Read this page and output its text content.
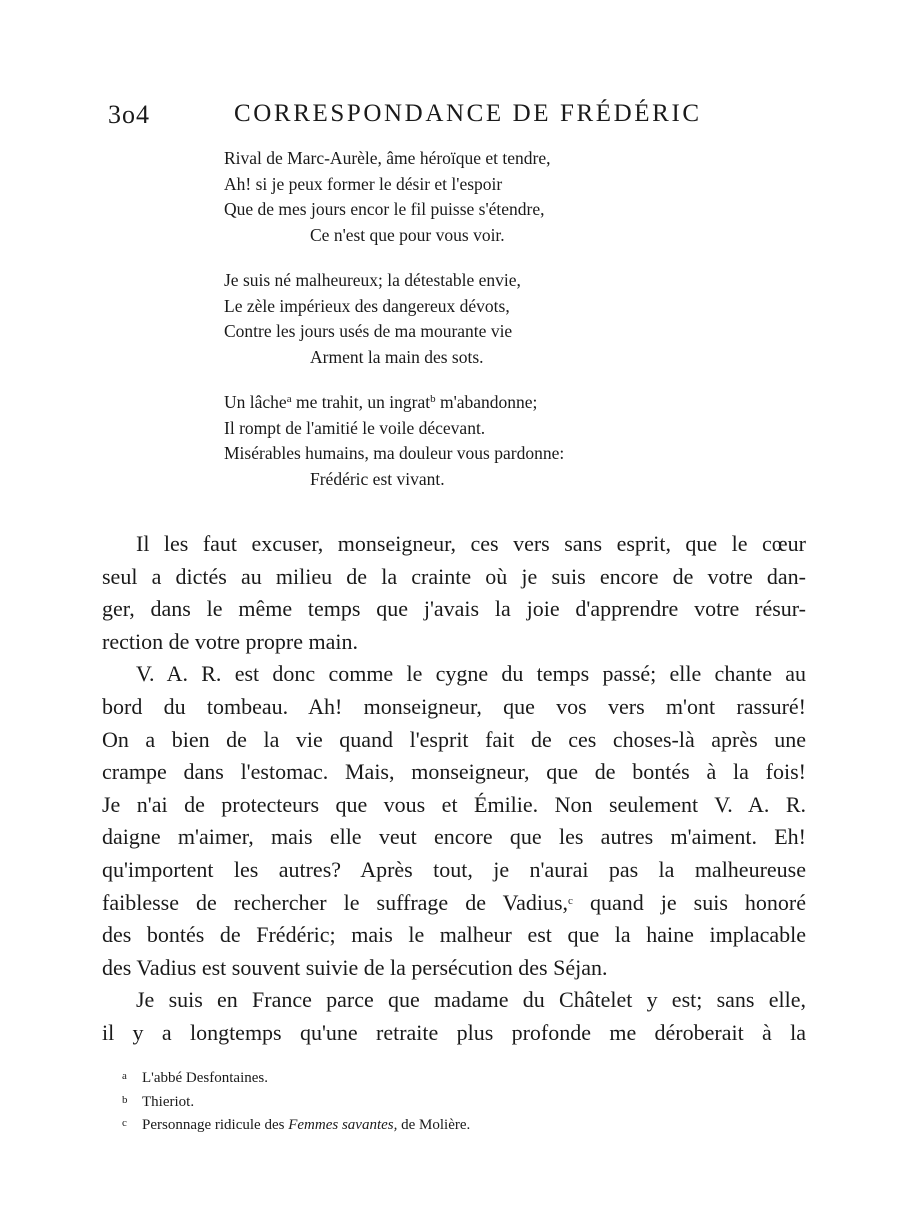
3o4	CORRESPONDANCE DE FRÉDÉRIC
Rival de Marc-Aurèle, âme héroïque et tendre,
Ah! si je peux former le désir et l'espoir
Que de mes jours encor le fil puisse s'étendre,
Ce n'est que pour vous voir.
Je suis né malheureux; la détestable envie,
Le zèle impérieux des dangereux dévots,
Contre les jours usés de ma mourante vie
Arment la main des sots.
Un lâche$^a$ me trahit, un ingrat$^b$ m'abandonne;
Il rompt de l'amitié le voile décevant.
Misérables humains, ma douleur vous pardonne:
Frédéric est vivant.
Il les faut excuser, monseigneur, ces vers sans esprit, que le cœur
seul a dictés au milieu de la crainte où je suis encore de votre dan-
ger, dans le même temps que j'avais la joie d'apprendre votre résur-
rection de votre propre main.
V. A. R. est donc comme le cygne du temps passé; elle chante au
bord du tombeau. Ah! monseigneur, que vos vers m'ont rassuré!
On a bien de la vie quand l'esprit fait de ces choses-là après une
crampe dans l'estomac. Mais, monseigneur, que de bontés à la fois!
Je n'ai de protecteurs que vous et Émilie. Non seulement V. A. R.
daigne m'aimer, mais elle veut encore que les autres m'aiment. Eh!
qu'importent les autres? Après tout, je n'aurai pas la malheureuse
faiblesse de rechercher le suffrage de Vadius,$^c$ quand je suis honoré
des bontés de Frédéric; mais le malheur est que la haine implacable
des Vadius est souvent suivie de la persécution des Séjan.
Je suis en France parce que madame du Châtelet y est; sans elle,
il y a longtemps qu'une retraite plus profonde me déroberait à la
a L'abbé Desfontaines.
b Thieriot.
c Personnage ridicule des Femmes savantes, de Molière.
